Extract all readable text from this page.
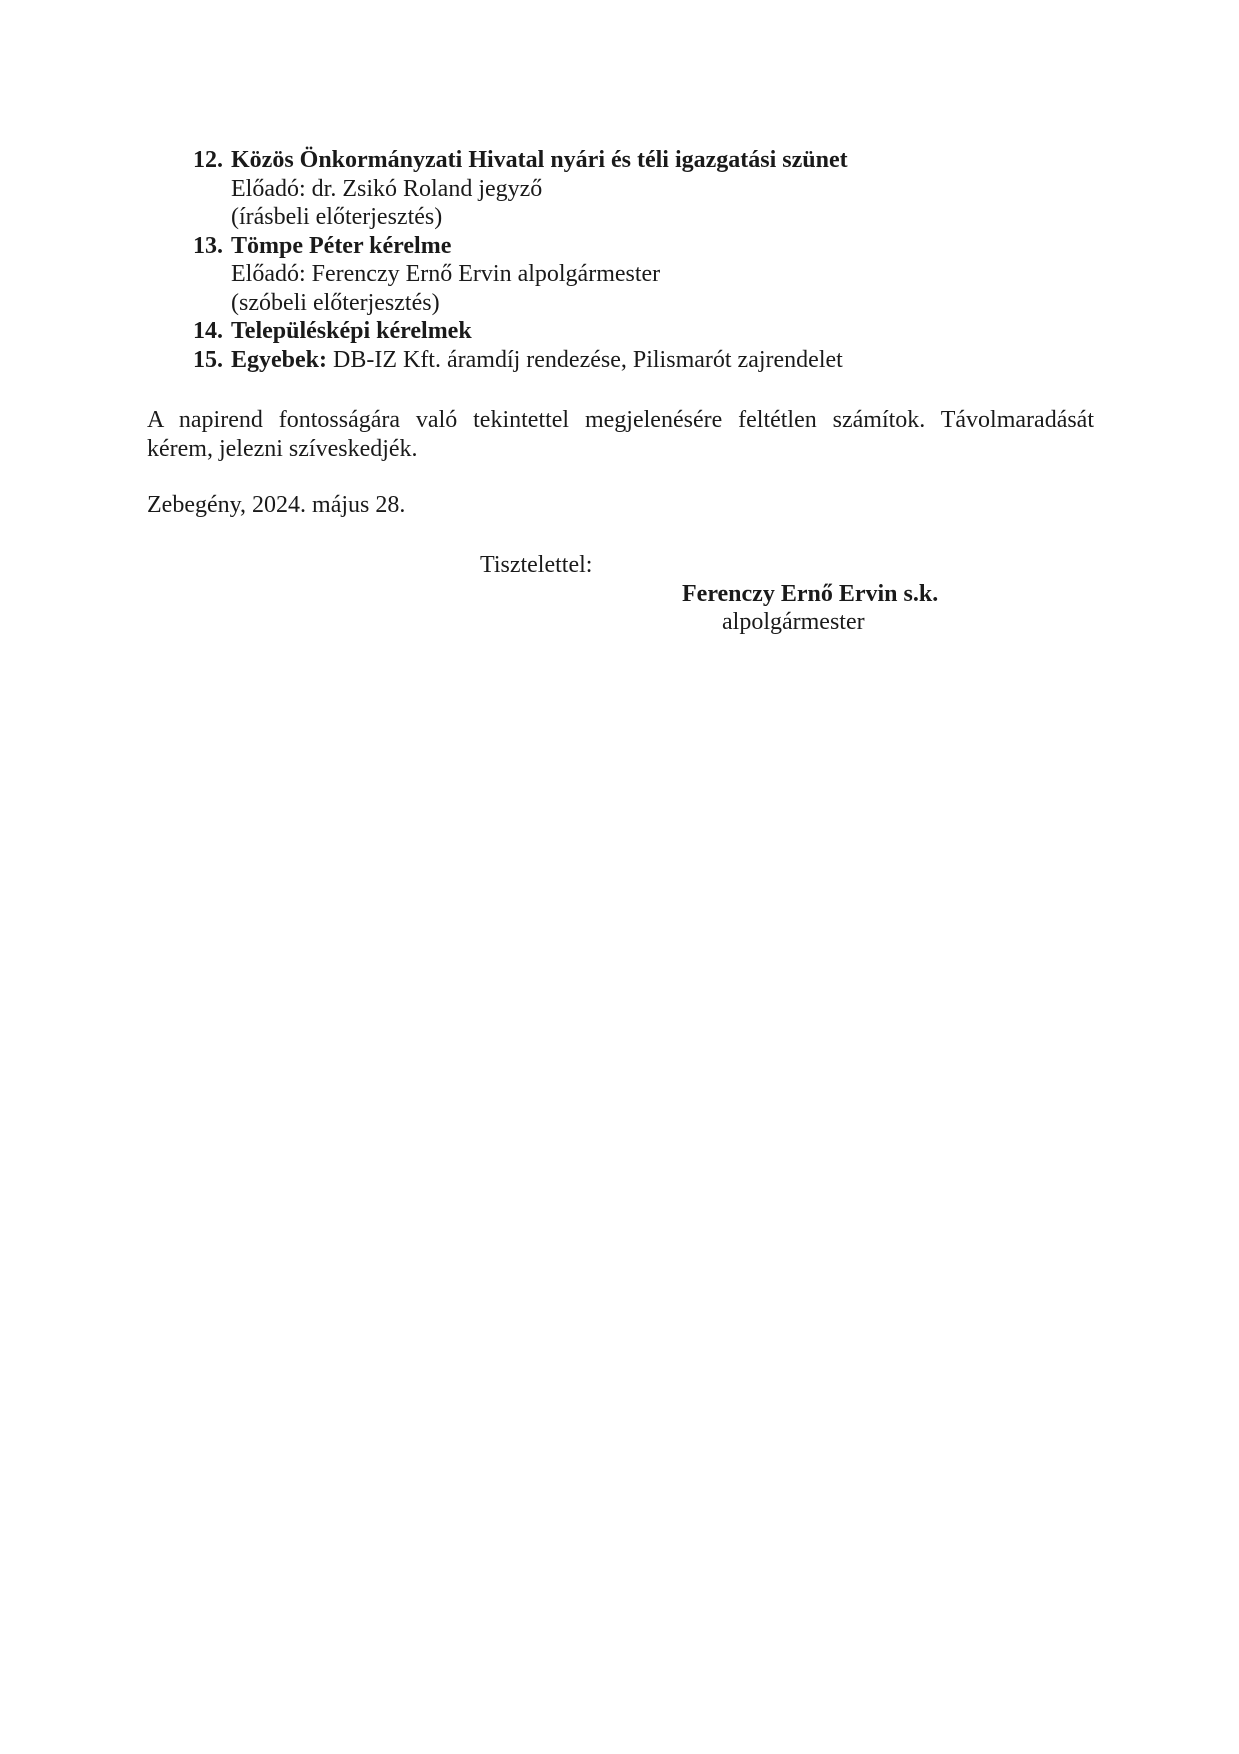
12. Közös Önkormányzati Hivatal nyári és téli igazgatási szünet
Előadó: dr. Zsikó Roland jegyző
(írásbeli előterjesztés)
13. Tömpe Péter kérelme
Előadó: Ferenczy Ernő Ervin alpolgármester
(szóbeli előterjesztés)
14. Településképi kérelmek
15. Egyebek: DB-IZ Kft. áramdíj rendezése, Pilismarót zajrendelet
A napirend fontosságára való tekintettel megjelenésére feltétlen számítok. Távolmaradását
kérem, jelezni szíveskedjék.
Zebegény, 2024. május 28.
Tisztelettel:
Ferenczy Ernő Ervin s.k.
alpolgármester
